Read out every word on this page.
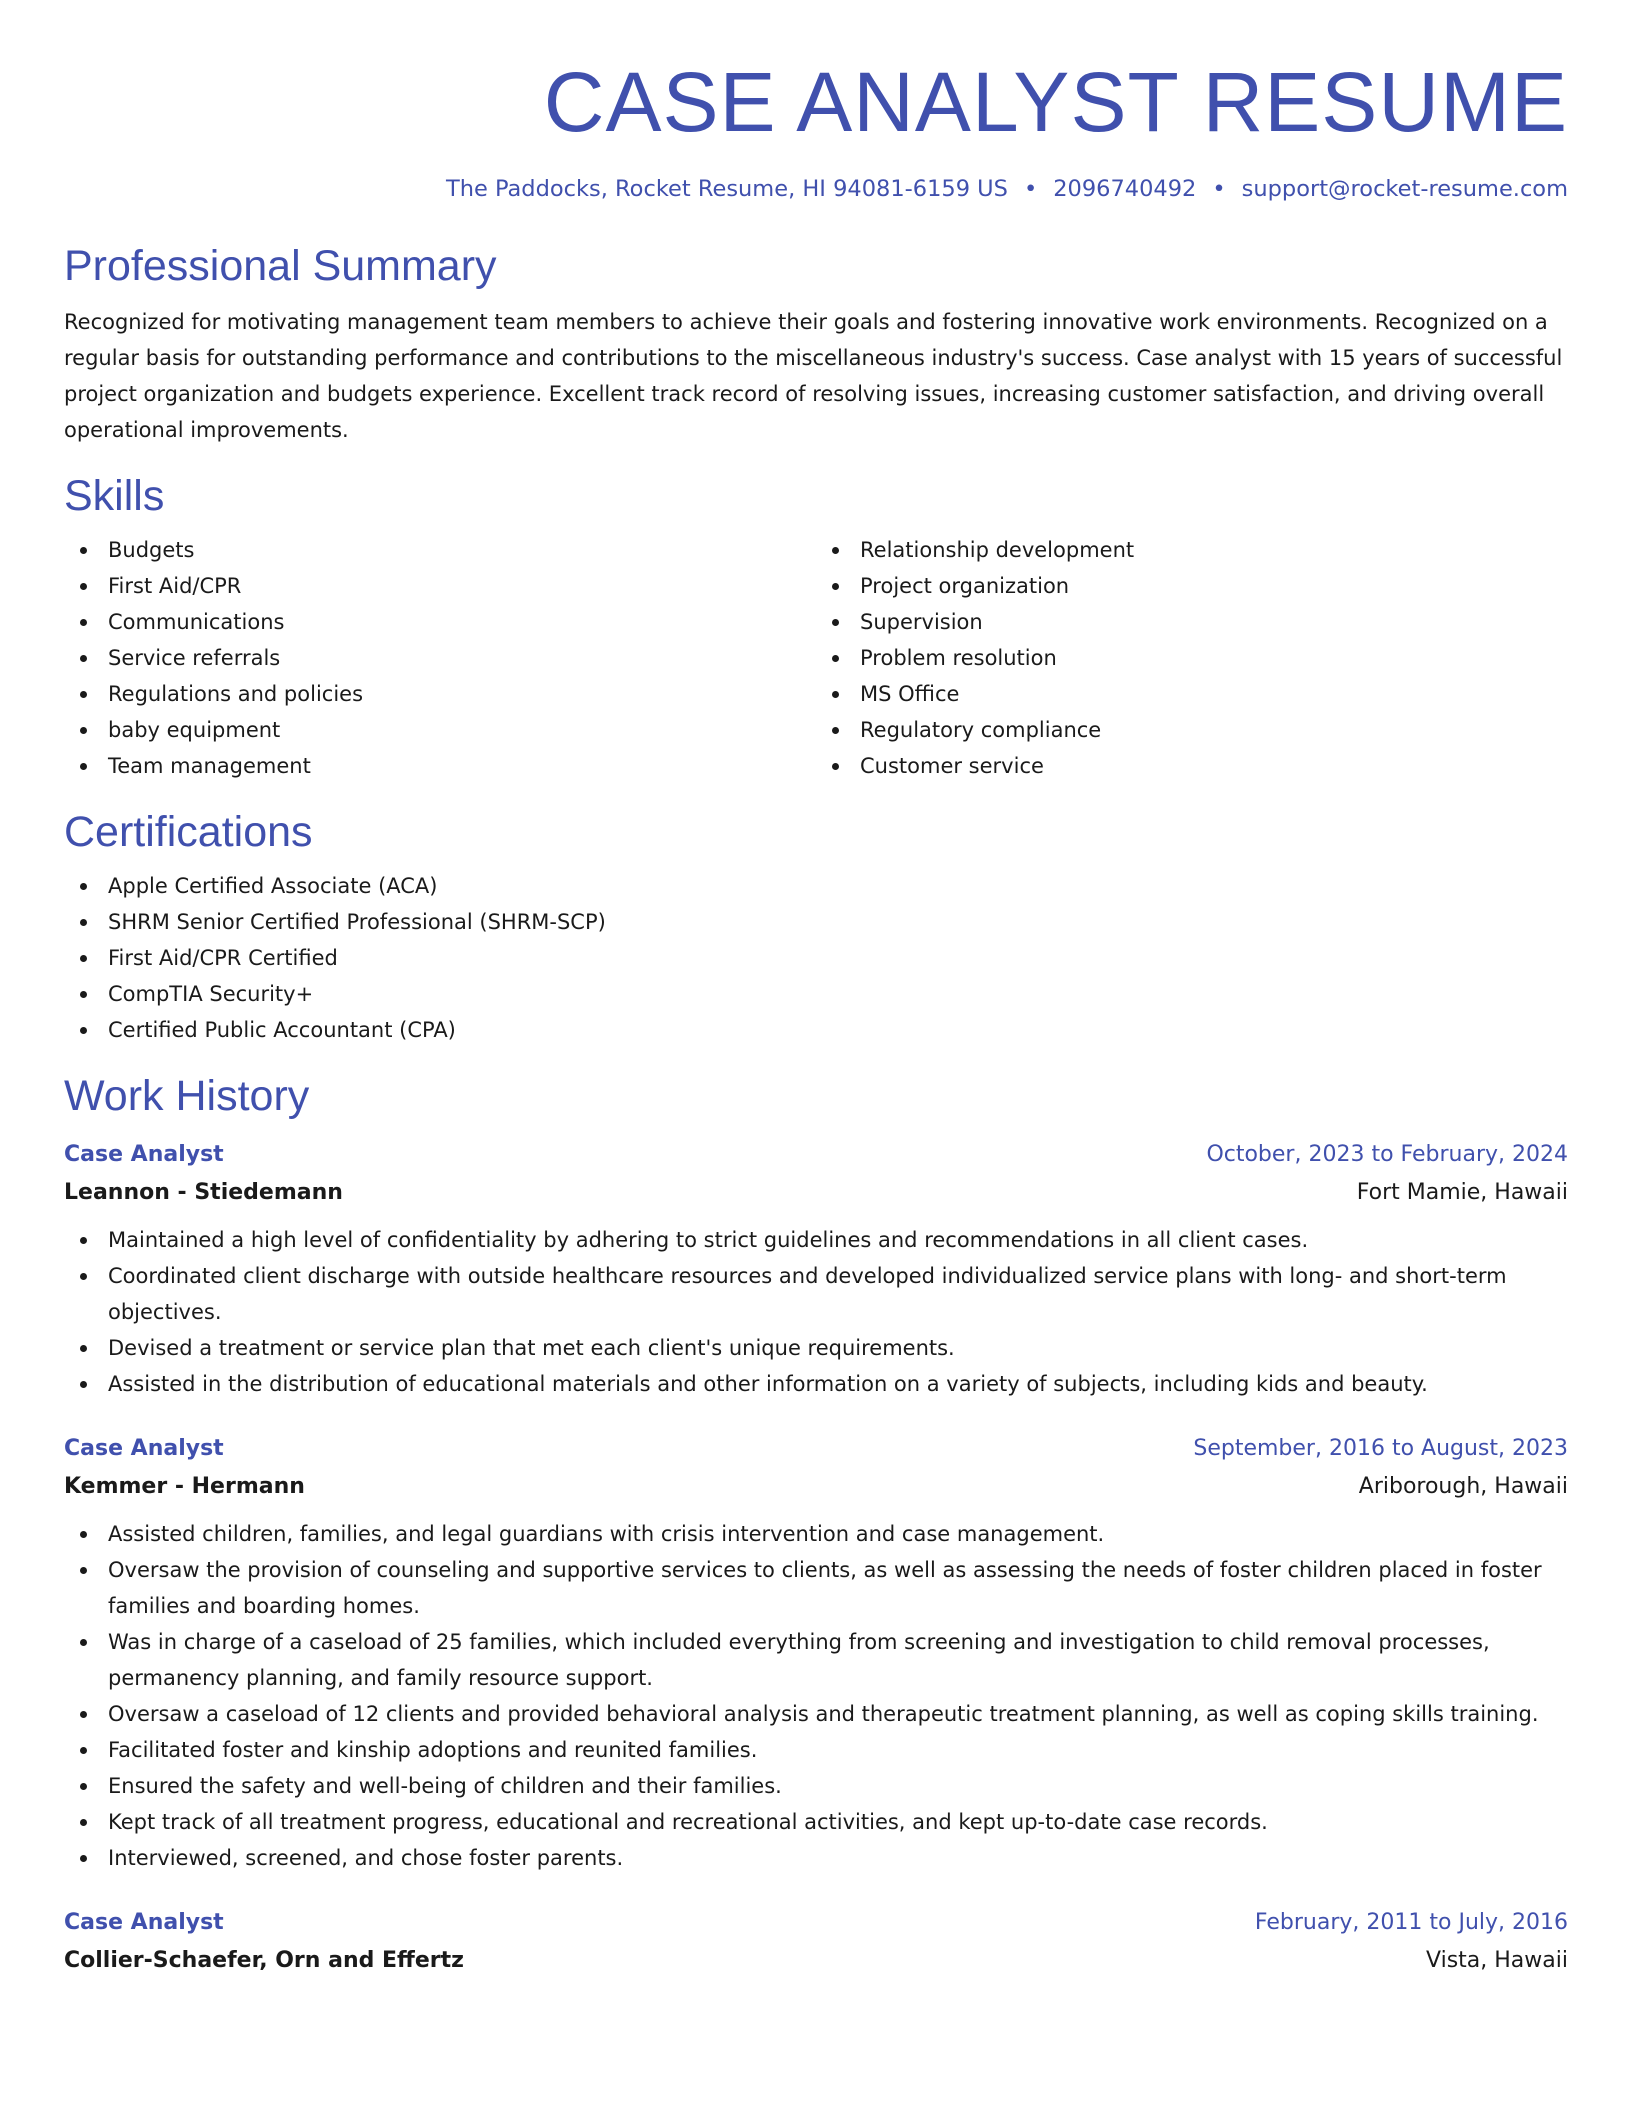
CASE ANALYST RESUME
The Paddocks, Rocket Resume, HI 94081-6159 US • 2096740492 • support@rocket-resume.com
Professional Summary

Recognized for motivating management team members to achieve their goals and fostering innovative work environments. Recognized on a regular basis for outstanding performance and contributions to the miscellaneous industry's success. Case analyst with 15 years of successful project organization and budgets experience. Excellent track record of resolving issues, increasing customer satisfaction, and driving overall operational improvements.

Skills
Budgets
First Aid/CPR
Communications
Service referrals
Regulations and policies
baby equipment
Team management
Relationship development
Project organization
Supervision
Problem resolution
MS Office
Regulatory compliance
Customer service
Certifications
Apple Certified Associate (ACA)
SHRM Senior Certified Professional (SHRM-SCP)
First Aid/CPR Certified
CompTIA Security+
Certified Public Accountant (CPA)
Work History
Case Analyst	October, 2023 to February, 2024
Leannon - Stiedemann	Fort Mamie, Hawaii
Maintained a high level of confidentiality by adhering to strict guidelines and recommendations in all client cases.
Coordinated client discharge with outside healthcare resources and developed individualized service plans with long- and short-term objectives.
Devised a treatment or service plan that met each client's unique requirements.
Assisted in the distribution of educational materials and other information on a variety of subjects, including kids and beauty.
Case Analyst	September, 2016 to August, 2023
Kemmer - Hermann	Ariborough, Hawaii
Assisted children, families, and legal guardians with crisis intervention and case management.
Oversaw the provision of counseling and supportive services to clients, as well as assessing the needs of foster children placed in foster families and boarding homes.
Was in charge of a caseload of 25 families, which included everything from screening and investigation to child removal processes, permanency planning, and family resource support.
Oversaw a caseload of 12 clients and provided behavioral analysis and therapeutic treatment planning, as well as coping skills training.
Facilitated foster and kinship adoptions and reunited families.
Ensured the safety and well-being of children and their families.
Kept track of all treatment progress, educational and recreational activities, and kept up-to-date case records.
Interviewed, screened, and chose foster parents.
Case Analyst	February, 2011 to July, 2016
Collier-Schaefer, Orn and Effertz	Vista, Hawaii
